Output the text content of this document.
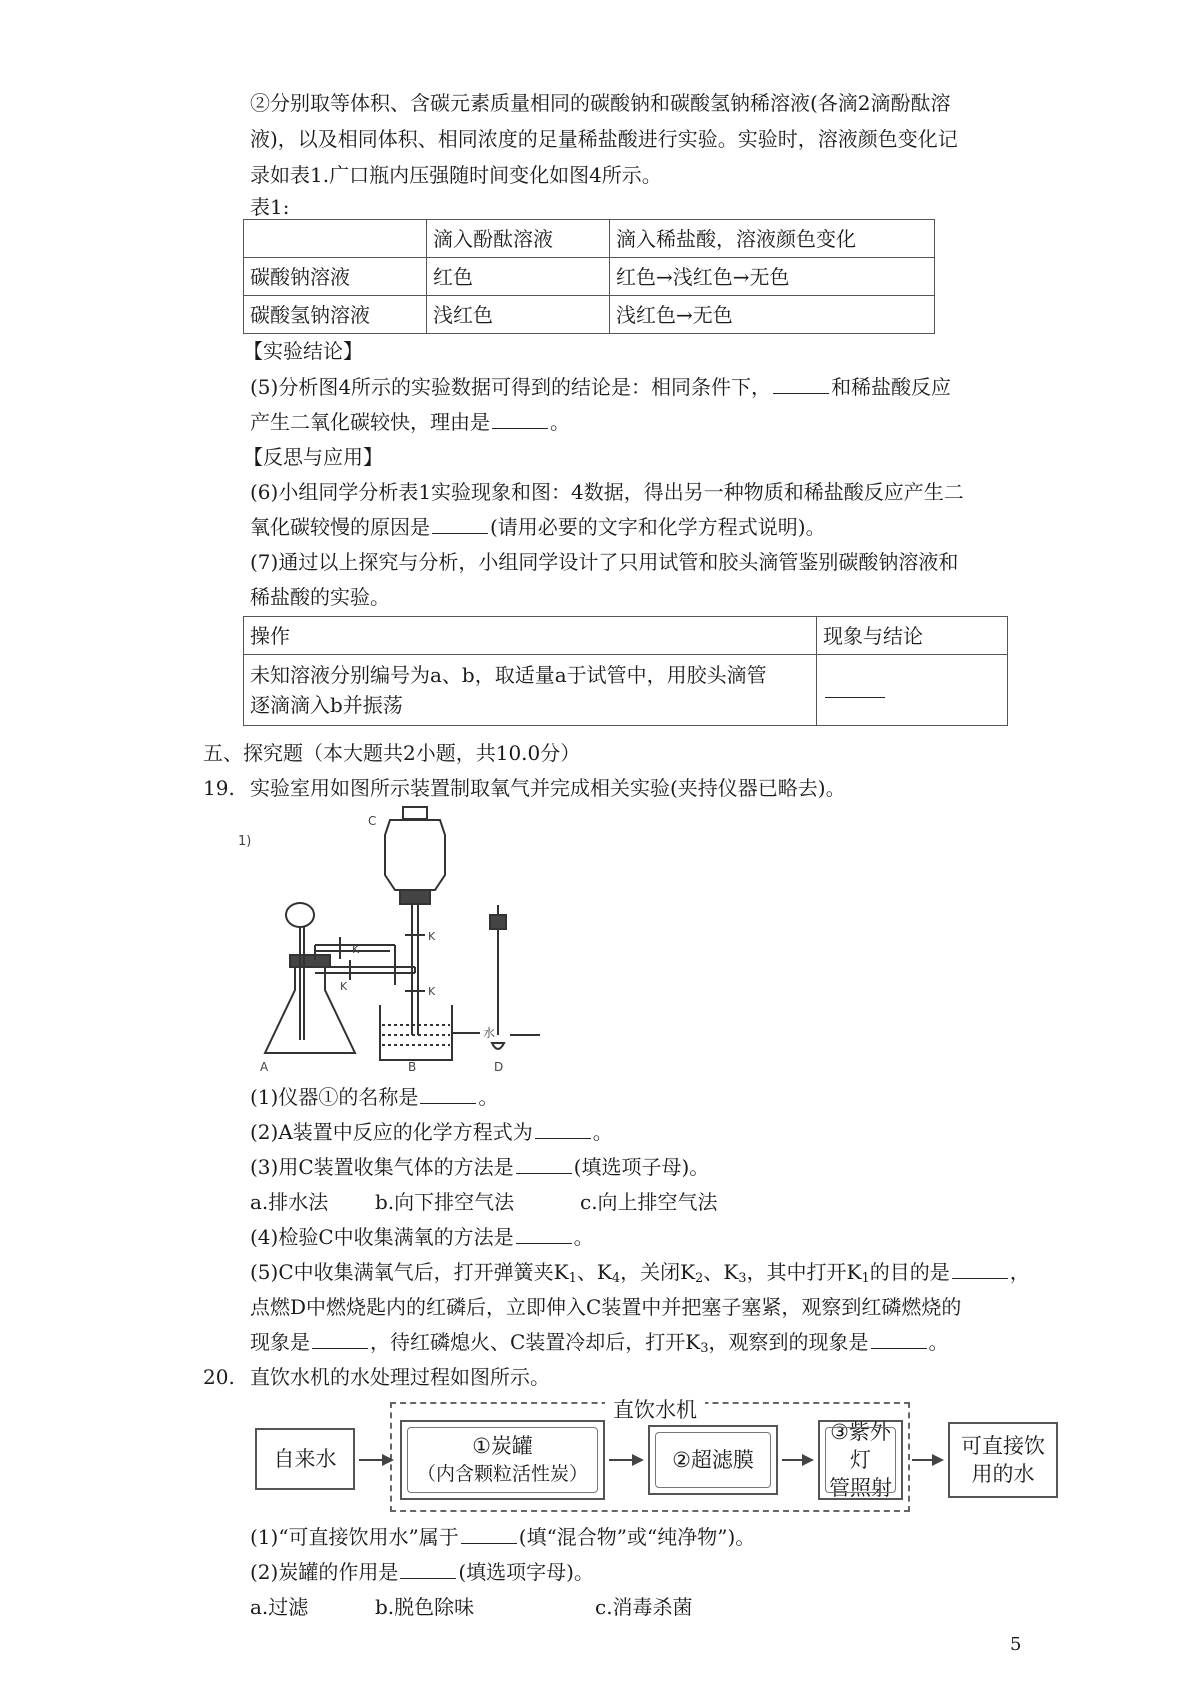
②分别取等体积、含碳元素质量相同的碳酸钠和碳酸氢钠稀溶液(各滴2滴酚酞溶
液)，以及相同体积、相同浓度的足量稀盐酸进行实验。实验时，溶液颜色变化记
录如表1.广口瓶内压强随时间变化如图4所示。
表1:
	滴入酚酞溶液	滴入稀盐酸，溶液颜色变化
碳酸钠溶液	红色	红色→浅红色→无色
碳酸氢钠溶液	浅红色	浅红色→无色
【实验结论】
(5)分析图4所示的实验数据可得到的结论是：相同条件下，	和稀盐酸反应
产生二氧化碳较快，理由是	。
【反思与应用】
(6)小组同学分析表1实验现象和图：4数据，得出另一种物质和稀盐酸反应产生二
氧化碳较慢的原因是	(请用必要的文字和化学方程式说明)。
(7)通过以上探究与分析，小组同学设计了只用试管和胶头滴管鉴别碳酸钠溶液和
稀盐酸的实验。
操作	现象与结论

未知溶液分别编号为a、b，取适量a于试管中，用胶头滴管
逐滴滴入b并振荡	

五、探究题（本大题共2小题，共10.0分）
19. 实验室用如图所示装置制取氧气并完成相关实验(夹持仪器已略去)。
1)
C
A	B	D
水
K
K
K
K
(1)仪器①的名称是	。
(2)A装置中反应的化学方程式为	。
(3)用C装置收集气体的方法是	(填选项子母)。
a.排水法 b.向下排空气法	c.向上排空气法
(4)检验C中收集满氧的方法是	。
(5)C中收集满氧气后，打开弹簧夹$K_1$、$K_4$，关闭$K_2$、$K_3$，其中打开$K_1$的目的是	，
点燃D中燃烧匙内的红磷后，立即伸入C装置中并把塞子塞紧，观察到红磷燃烧的
现象是	，待红磷熄火、C装置冷却后，打开$K_3$，观察到的现象是	。
20. 直饮水机的水处理过程如图所示。
直饮水机
自来水
①炭罐
（内含颗粒活性炭）
②超滤膜
③紫外灯
管照射
可直接饮
用的水
(1)“可直接饮用水”属于	(填“混合物”或“纯净物”)。
(2)炭罐的作用是	(填选项字母)。
a.过滤	b.脱色除味	c.消毒杀菌
5
